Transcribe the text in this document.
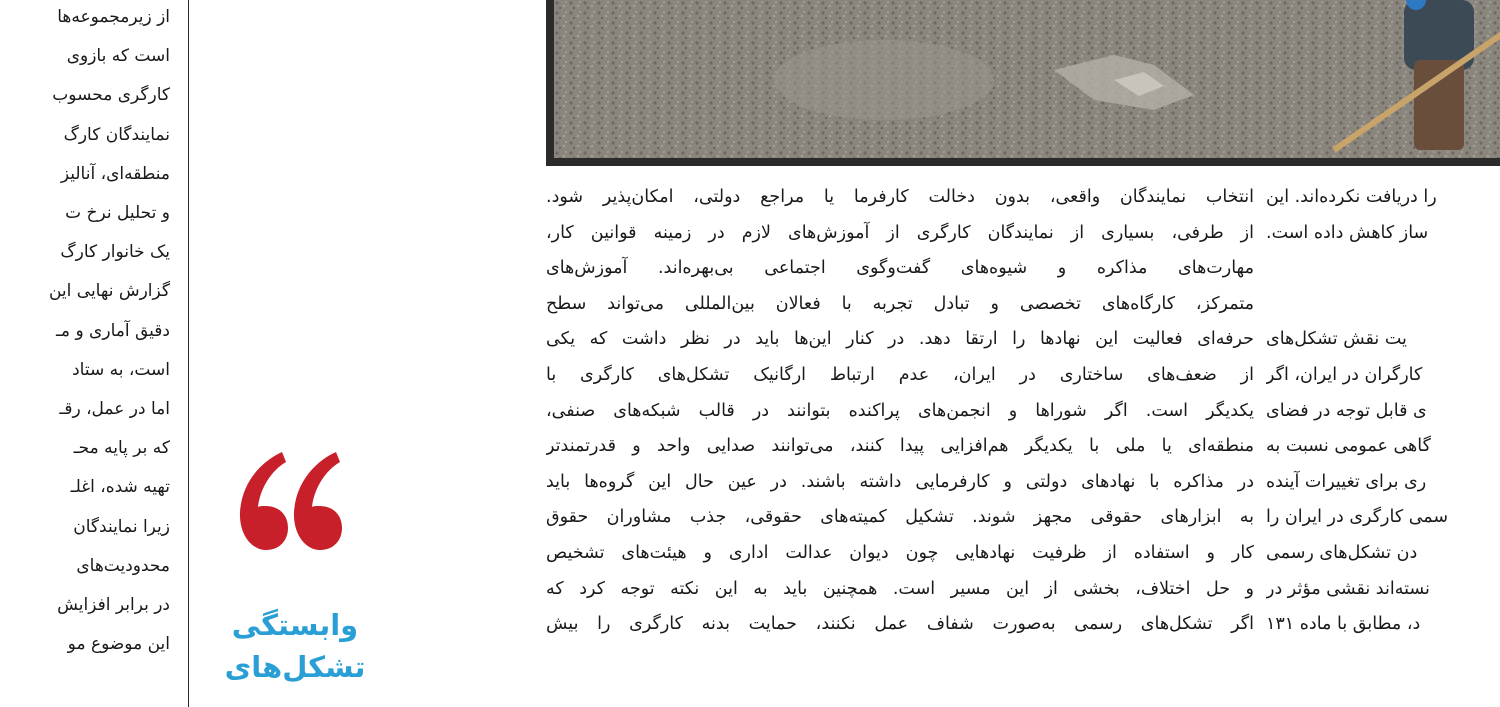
از زیرمجموعه‌ها
است که بازوی
کارگری محسوب
نمایندگان کارگ
منطقه‌ای، آنالیز
و تحلیل نرخ ت
یک خانوار کارگ
گزارش نهایی این
دقیق آماری و مـ
است، به ستاد
اما در عمل، رقـ
که بر پایه محـ
تهیه شده، اغلـ
زیرا نمایندگان
محدودیت‌های
در برابر افزایش
این موضوع مو
وابستگی
تشکل‌های
انتخاب نمایندگان واقعی، بدون دخالت کارفرما یا مراجع دولتی، امکان‌پذیر شود.
از طرفی، بسیاری از نمایندگان کارگری از آموزش‌های لازم در زمینه قوانین کار،
مهارت‌های مذاکره و شیوه‌های گفت‌وگوی اجتماعی بی‌بهره‌اند. آموزش‌های
متمرکز، کارگاه‌های تخصصی و تبادل تجربه با فعالان بین‌المللی می‌تواند سطح
حرفه‌ای فعالیت این نهادها را ارتقا دهد. در کنار این‌ها باید در نظر داشت که یکی
از ضعف‌های ساختاری در ایران، عدم ارتباط ارگانیک تشکل‌های کارگری با
یکدیگر است. اگر شوراها و انجمن‌های پراکنده بتوانند در قالب شبکه‌های صنفی،
منطقه‌ای یا ملی با یکدیگر هم‌افزایی پیدا کنند، می‌توانند صدایی واحد و قدرتمندتر
در مذاکره با نهادهای دولتی و کارفرمایی داشته باشند. در عین حال این گروه‌ها باید
به ابزارهای حقوقی مجهز شوند. تشکیل کمیته‌های حقوقی، جذب مشاوران حقوق
کار و استفاده از ظرفیت نهادهایی چون دیوان عدالت اداری و هیئت‌های تشخیص
و حل اختلاف، بخشی از این مسیر است. همچنین باید به این نکته توجه کرد که
اگر تشکل‌های رسمی به‌صورت شفاف عمل نکنند، حمایت بدنه کارگری را بیش
را دریافت نکرده‌اند. این
ساز کاهش داده است.
یت نقش تشکل‌های
کارگران در ایران، اگر
ی قابل توجه در فضای
گاهی عمومی نسبت به
ری برای تغییرات آینده
سمی کارگری در ایران را
دن تشکل‌های رسمی
نسته‌اند نقشی مؤثر در
د، مطابق با ماده ۱۳۱
